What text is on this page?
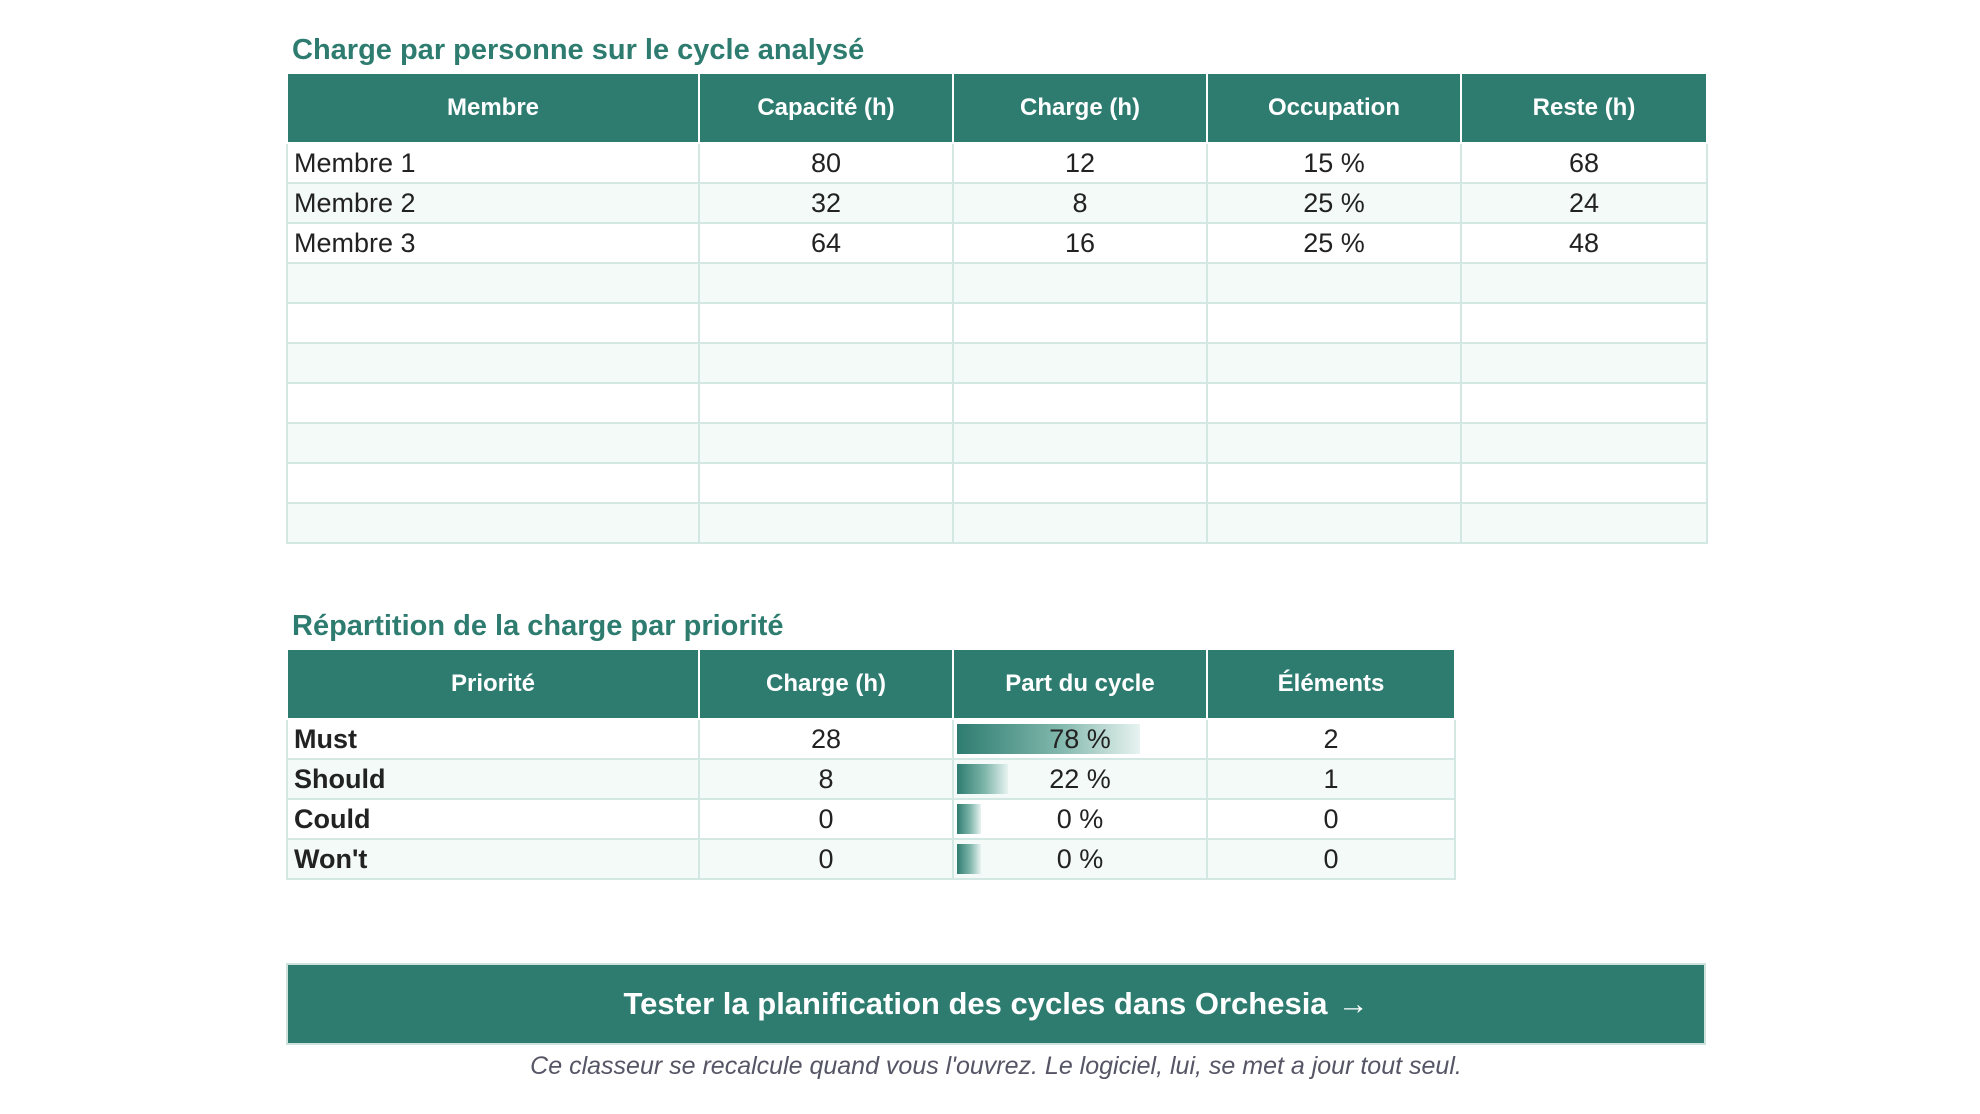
Charge par personne sur le cycle analysé
Membre	Capacité (h)	Charge (h)	Occupation	Reste (h)
Membre 1	80	12	15 %	68
Membre 2	32	8	25 %	24
Membre 3	64	16	25 %	48

Répartition de la charge par priorité
Priorité	Charge (h)	Part du cycle	Éléments
Must	28	78 %	2
Should	8	22 %	1
Could	0	0 %	0
Won't	0	0 %	0
Tester la planification des cycles dans Orchesia →
Ce classeur se recalcule quand vous l'ouvrez. Le logiciel, lui, se met a jour tout seul.
